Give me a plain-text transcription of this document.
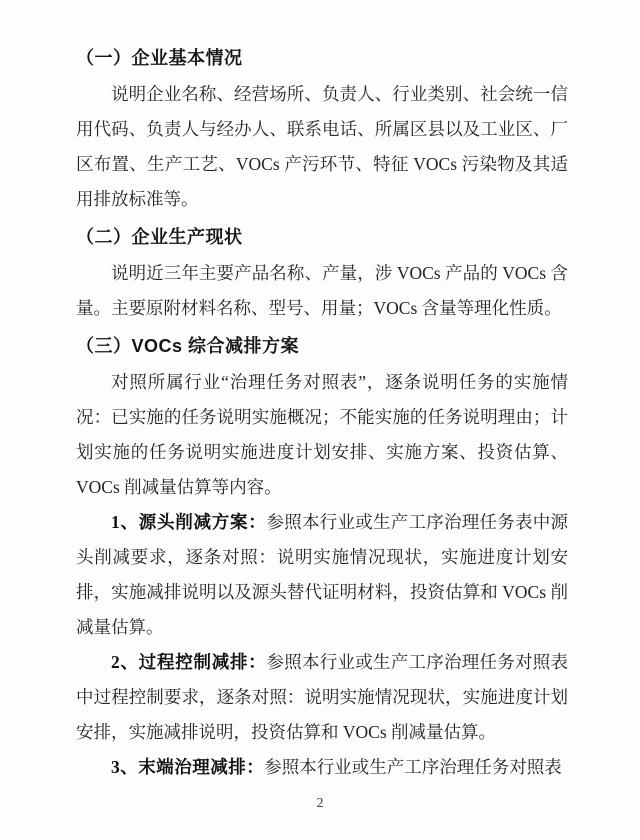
（一）企业基本情况

说明企业名称、经营场所、负责人、行业类别、社会统一信用代码、负责人与经办人、联系电话、所属区县以及工业区、厂区布置、生产工艺、VOCs 产污环节、特征 VOCs 污染物及其适用排放标准等。

（二）企业生产现状

说明近三年主要产品名称、产量，涉 VOCs 产品的 VOCs 含量。主要原附材料名称、型号、用量；VOCs 含量等理化性质。

（三）VOCs 综合减排方案

对照所属行业“治理任务对照表”，逐条说明任务的实施情况：已实施的任务说明实施概况；不能实施的任务说明理由；计划实施的任务说明实施进度计划安排、实施方案、投资估算、VOCs 削减量估算等内容。

1、源头削减方案：参照本行业或生产工序治理任务表中源头削减要求，逐条对照：说明实施情况现状，实施进度计划安排，实施减排说明以及源头替代证明材料，投资估算和 VOCs 削减量估算。

2、过程控制减排：参照本行业或生产工序治理任务对照表中过程控制要求，逐条对照：说明实施情况现状，实施进度计划安排，实施减排说明，投资估算和 VOCs 削减量估算。

3、末端治理减排：参照本行业或生产工序治理任务对照表

2
